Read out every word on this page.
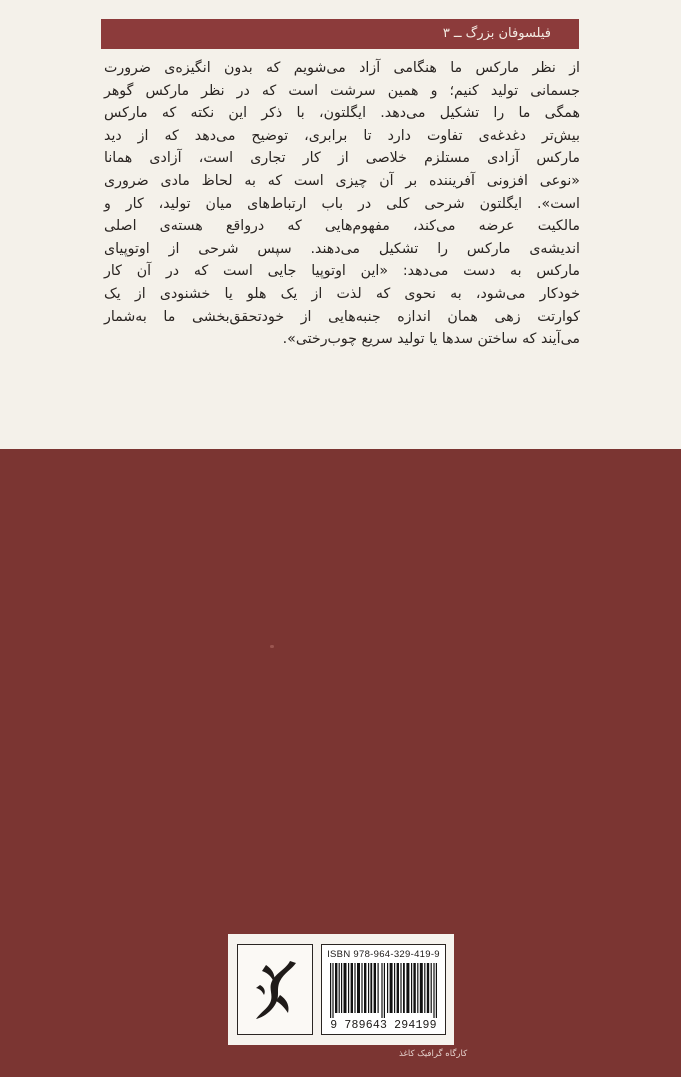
فیلسوفان بزرگ ــ ۳
از نظر مارکس ما هنگامی آزاد می‌شویم که بدون انگیزه‌ی ضرورت
جسمانی تولید کنیم؛ و همین سرشت است که در نظر مارکس گوهر
همگی ما را تشکیل می‌دهد. ایگلتون، با ذکر این نکته که مارکس
بیش‌تر دغدغه‌ی تفاوت دارد تا برابری، توضیح می‌دهد که از دید
مارکس آزادی مستلزم خلاصی از کار تجاری است، آزادی همانا
«نوعی افزونی آفریننده بر آن چیزی است که به لحاظ مادی ضروری
است». ایگلتون شرحی کلی در باب ارتباط‌های میان تولید، کار و
مالکیت عرضه می‌کند، مفهوم‌هایی که درواقع هسته‌ی اصلی
اندیشه‌ی مارکس را تشکیل می‌دهند. سپس شرحی از اوتوپیای
مارکس به دست می‌دهد: «این اوتوپیا جایی است که در آن کار
خودکار می‌شود، به نحوی که لذت از یک هلو یا خشنودی از یک
کوارتت زهی همان اندازه جنبه‌هایی از خودتحقق‌بخشی ما به‌شمار
می‌آیند که ساختن سدها یا تولید سریع چوب‌رختی».
ISBN 978-964-329-419-9
9 789643 294199
کارگاه گرافیک کاغذ
